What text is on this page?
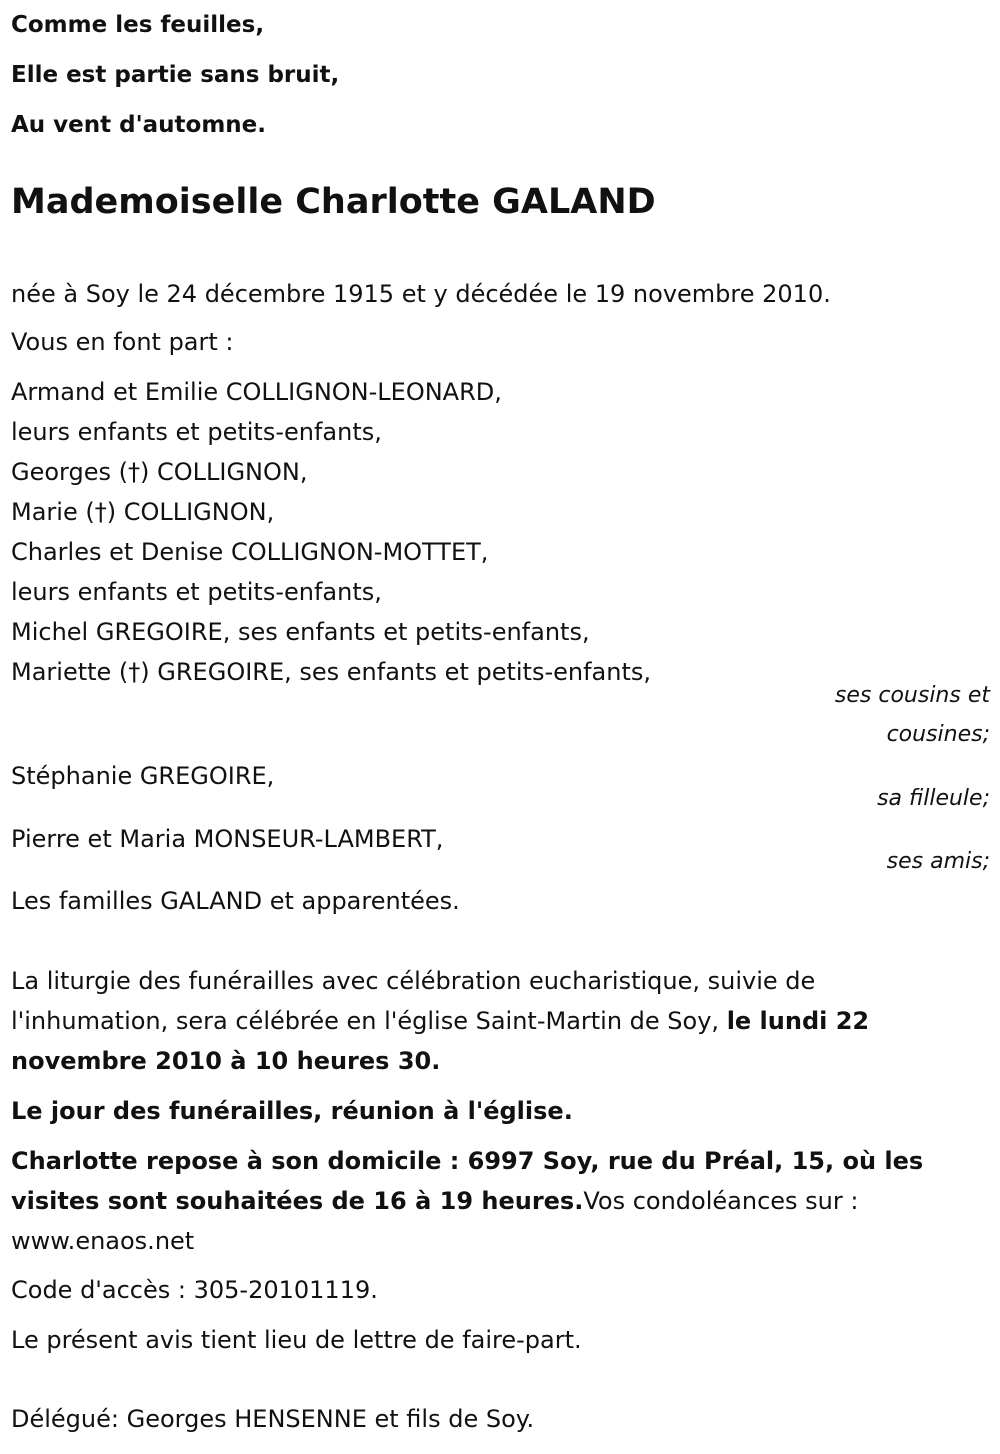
Comme les feuilles,
Elle est partie sans bruit,
Au vent d'automne.
Mademoiselle Charlotte GALAND
née à Soy le 24 décembre 1915 et y décédée le 19 novembre 2010.
Vous en font part :
Armand et Emilie COLLIGNON-LEONARD,
leurs enfants et petits-enfants,
Georges (†) COLLIGNON,
Marie (†) COLLIGNON,
Charles et Denise COLLIGNON-MOTTET,
leurs enfants et petits-enfants,
Michel GREGOIRE, ses enfants et petits-enfants,
Mariette (†) GREGOIRE, ses enfants et petits-enfants,
ses cousins et
cousines;
Stéphanie GREGOIRE,
sa filleule;
Pierre et Maria MONSEUR-LAMBERT,
ses amis;
Les familles GALAND et apparentées.
La liturgie des funérailles avec célébration eucharistique, suivie de
l'inhumation, sera célébrée en l'église Saint-Martin de Soy, le lundi 22
novembre 2010 à 10 heures 30.
Le jour des funérailles, réunion à l'église.
Charlotte repose à son domicile : 6997 Soy, rue du Préal, 15, où les
visites sont souhaitées de 16 à 19 heures.Vos condoléances sur :
www.enaos.net
Code d'accès : 305-20101119.
Le présent avis tient lieu de lettre de faire-part.
Délégué: Georges HENSENNE et fils de Soy.
